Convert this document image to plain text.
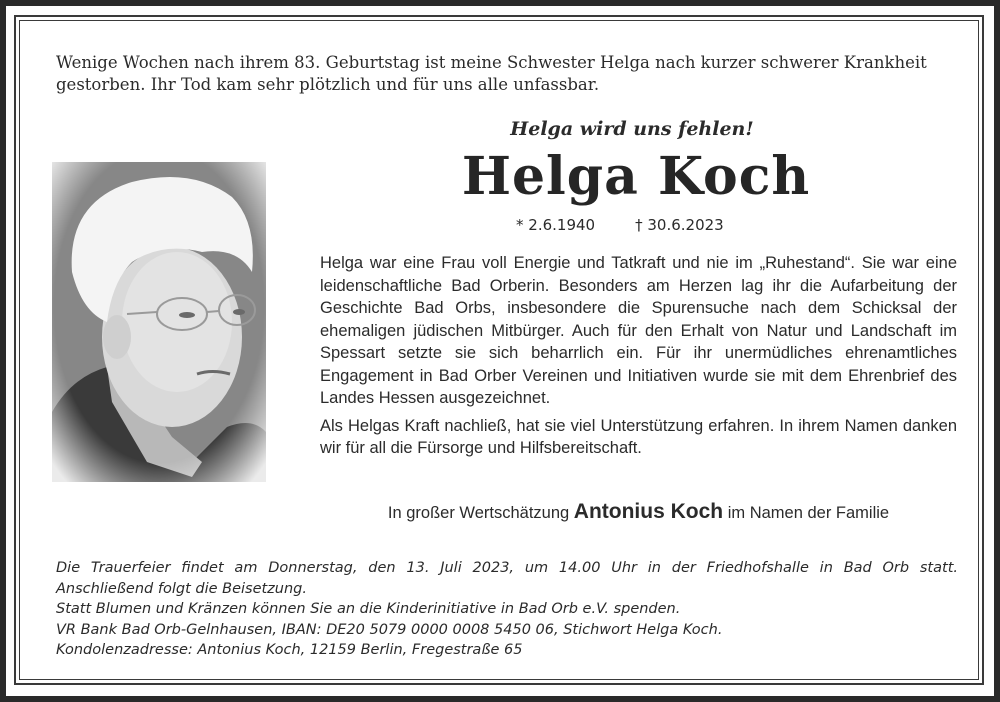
Wenige Wochen nach ihrem 83. Geburtstag ist meine Schwester Helga nach kurzer schwerer Krankheit
gestorben. Ihr Tod kam sehr plötzlich und für uns alle unfassbar.
Helga wird uns fehlen!
Helga Koch
* 2.6.1940	† 30.6.2023

Helga war eine Frau voll Energie und Tatkraft und nie im „Ruhestand“. Sie war eine leidenschaftliche Bad Orberin. Besonders am Herzen lag ihr die Aufarbeitung der Geschichte Bad Orbs, insbesondere die Spurensuche nach dem Schicksal der ehemaligen jüdischen Mitbürger. Auch für den Erhalt von Natur und Landschaft im Spessart setzte sie sich beharrlich ein. Für ihr unermüdliches ehrenamtliches Engagement in Bad Orber Vereinen und Initiativen wurde sie mit dem Ehrenbrief des Landes Hessen ausgezeichnet.

Als Helgas Kraft nachließ, hat sie viel Unterstützung erfahren. In ihrem Namen danken wir für all die Fürsorge und Hilfsbereitschaft.

In großer Wertschätzung Antonius Koch im Namen der Familie
Die Trauerfeier findet am Donnerstag, den 13. Juli 2023, um 14.00 Uhr in der Friedhofshalle in Bad Orb statt.
Anschließend folgt die Beisetzung.
Statt Blumen und Kränzen können Sie an die Kinderinitiative in Bad Orb e.V. spenden.
VR Bank Bad Orb-Gelnhausen, IBAN: DE20 5079 0000 0008 5450 06, Stichwort Helga Koch.
Kondolenzadresse: Antonius Koch, 12159 Berlin, Fregestraße 65
